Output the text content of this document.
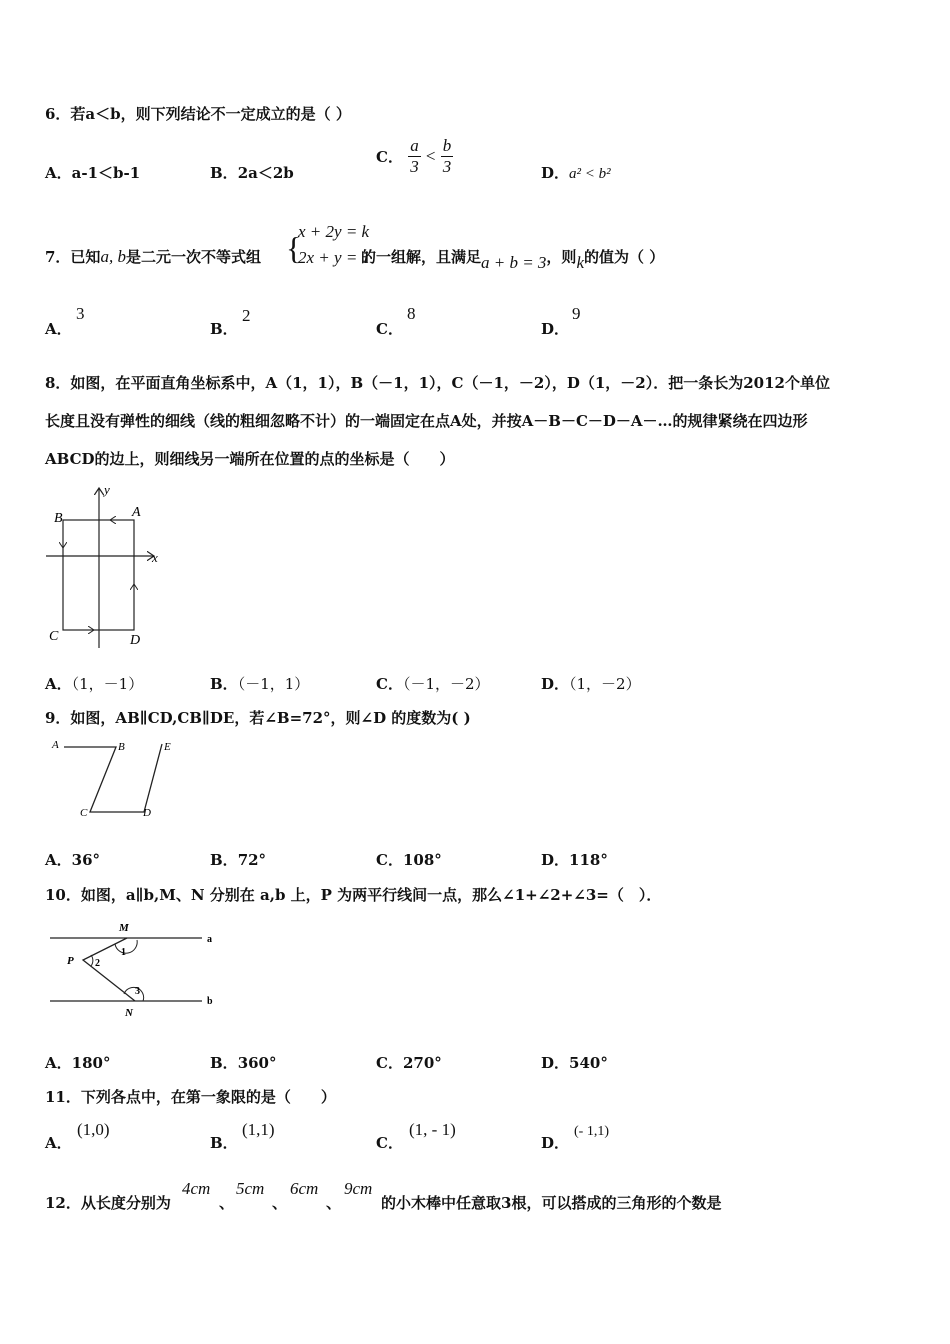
6．若a＜b，则下列结论不一定成立的是（ ）
A．a-1＜b-1	B．2a＜2b
C． $\frac{a}{3} < \frac{b}{3}$	D．a² < b²
7．已知a, b是二元一次不等式组	的一组解，且满足a + b = 3，则k的值为（ ）
{
x + 2y = k
2x + y = 1
A．
3
B．
2
C．
8
D．
9
8．如图，在平面直角坐标系中，A（1，1），B（－1，1），C（－1，－2），D（1，－2）．把一条长为2012个单位
长度且没有弹性的细线（线的粗细忽略不计）的一端固定在点A处，并按A－B－C－D－A－…的规律紧绕在四边形
ABCD的边上，则细线另一端所在位置的点的坐标是（　　）
B	A
C	D
x
y
A．（1，－1）	B．（－1，1）	C．（－1，－2）	D．（1，－2）
9．如图，AB∥CD,CB∥DE，若∠B=72°，则∠D 的度数为( )
A	B
C	D
E
A．36°	B．72°	C．108°	D．118°
10．如图，a∥b,M、N 分别在 a,b 上，P 为两平行线间一点，那么∠1+∠2+∠3=（　）．
M
N
P
1
2
3
a
b
A．180°	B．360°	C．270°	D．540°
11．下列各点中，在第一象限的是（　　）
A．
(1,0)
B．
(1,1)
C．
(1, - 1)
D．
(- 1,1)
12．从长度分别为
4cm
、
5cm
、
6cm
、
9cm
的小木棒中任意取3根，可以搭成的三角形的个数是
